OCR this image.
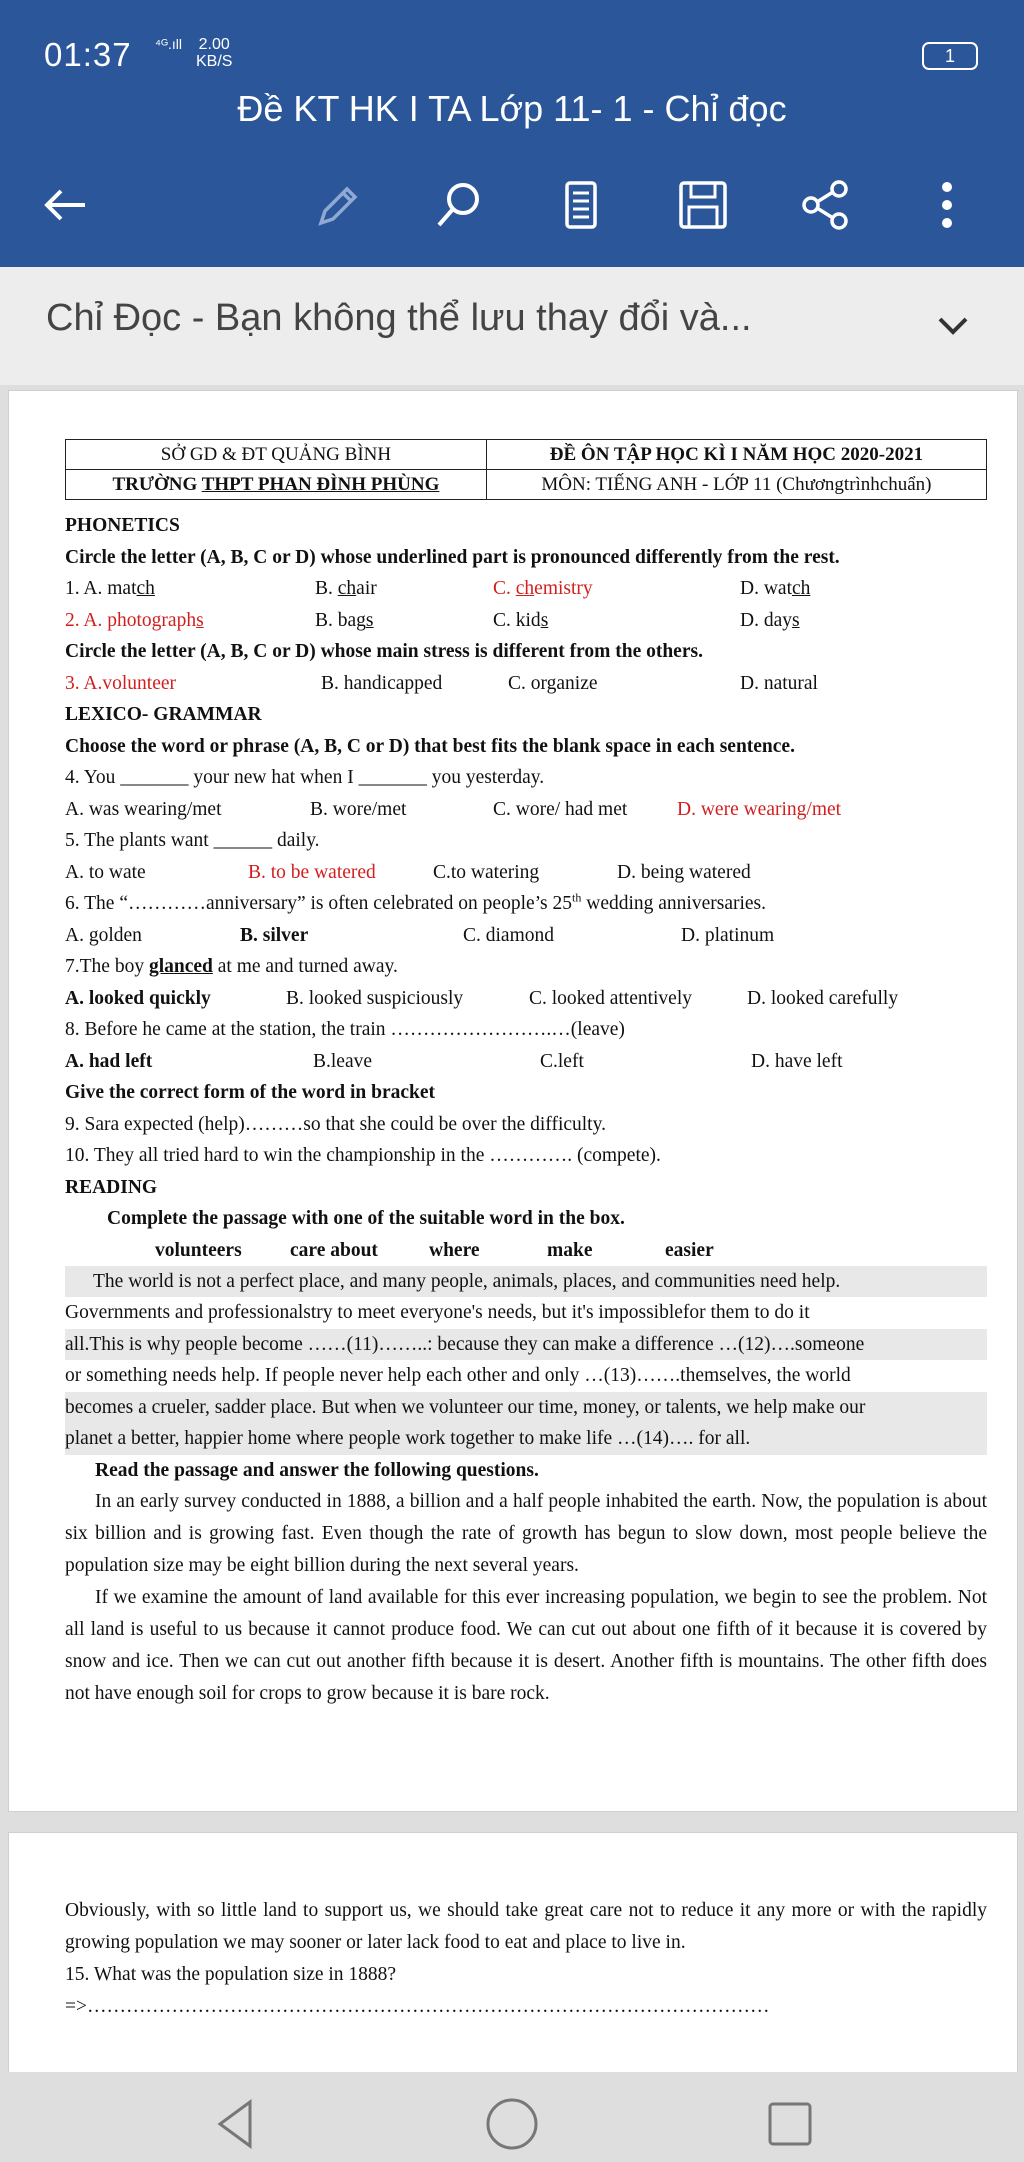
01:37 ⁴ᴳ.ıll 2.00
KB/S	1
Đề KT HK I TA Lớp 11- 1 - Chỉ đọc
Chỉ Đọc - Bạn không thể lưu thay đổi và...
SỞ GD & ĐT QUẢNG BÌNH	ĐỀ ÔN TẬP HỌC KÌ I NĂM HỌC 2020-2021
TRƯỜNG THPT PHAN ĐÌNH PHÙNG	MÔN: TIẾNG ANH - LỚP 11 (Chươngtrìnhchuẩn)
PHONETICS
Circle the letter (A, B, C or D) whose underlined part is pronounced differently from the rest.
1. A. match	B. chair	C. chemistry	D. watch
2. A. photographs	B. bags	C. kids	D. days
Circle the letter (A, B, C or D) whose main stress is different from the others.
3. A.volunteer	B. handicapped	C. organize	D. natural
LEXICO- GRAMMAR
Choose the word or phrase (A, B, C or D) that best fits the blank space in each sentence.
4. You _______ your new hat when I _______ you yesterday.
A. was wearing/met	B. wore/met	C. wore/ had met	D. were wearing/met
5. The plants want ______ daily.
A. to wate	B. to be watered	C.to watering	D. being watered
6. The “…………anniversary” is often celebrated on people’s 25th wedding anniversaries.
A. golden	B. silver	C. diamond	D. platinum
7.The boy glanced at me and turned away.
A. looked quickly	B. looked suspiciously	C. looked attentively	D. looked carefully
8. Before he came at the station, the train …………………….…(leave)
A. had left	B.leave	C.left	D. have left
Give the correct form of the word in bracket
9. Sara expected (help)………so that she could be over the difficulty.
10. They all tried hard to win the championship in the …………. (compete).
READING
Complete the passage with one of the suitable word in the box.
volunteers care about	where	make	easier
The world is not a perfect place, and many people, animals, places, and communities need help.
Governments and professionalstry to meet everyone's needs, but it's impossiblefor them to do it
all.This is why people become ……(11)……..: because they can make a difference …(12)….someone
or something needs help. If people never help each other and only …(13)…….themselves, the world
becomes a crueler, sadder place. But when we volunteer our time, money, or talents, we help make our
planet a better, happier home where people work together to make life …(14)…. for all.
Read the passage and answer the following questions.
In an early survey conducted in 1888, a billion and a half people inhabited the earth. Now, the population is about six billion and is growing fast. Even though the rate of growth has begun to slow down, most people believe the population size may be eight billion during the next several years.
If we examine the amount of land available for this ever increasing population, we begin to see the problem. Not all land is useful to us because it cannot produce food. We can cut out about one fifth of it because it is covered by snow and ice. Then we can cut out another fifth because it is desert. Another fifth is mountains. The other fifth does not have enough soil for crops to grow because it is bare rock.
Obviously, with so little land to support us, we should take great care not to reduce it any more or with the rapidly growing population we may sooner or later lack food to eat and place to live in.
15. What was the population size in 1888?
=>……………………………………………………………………………………………
